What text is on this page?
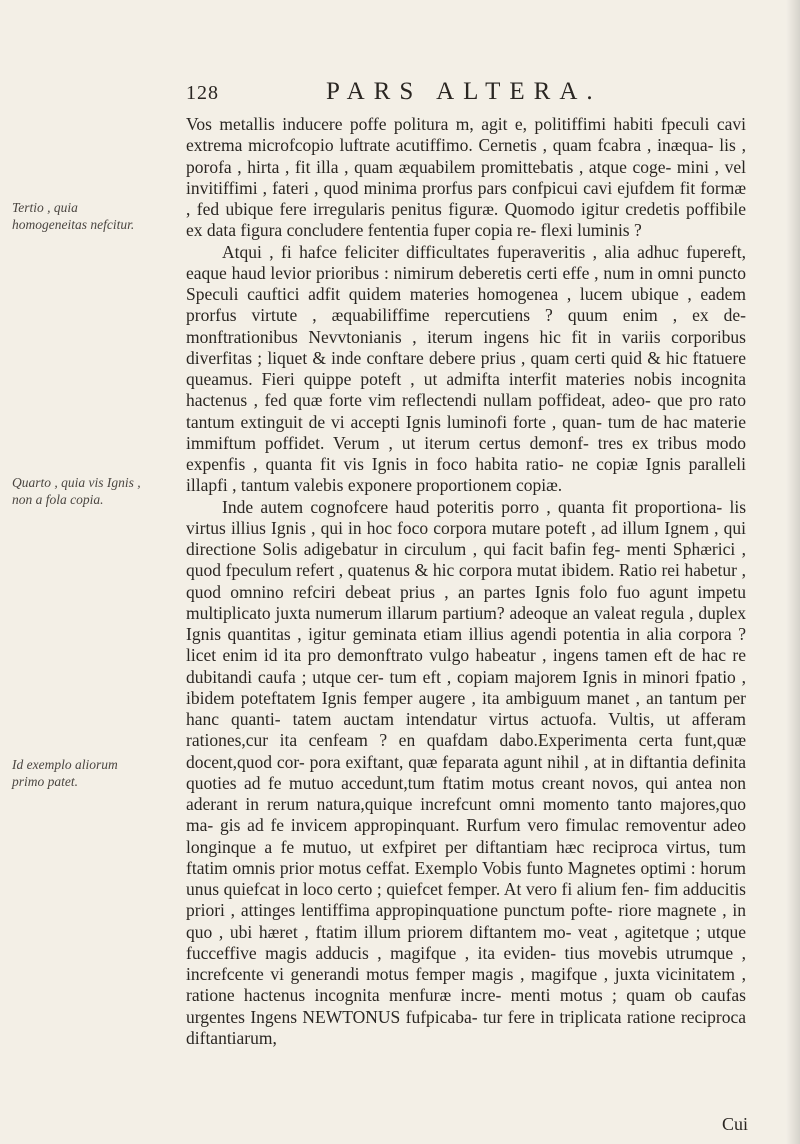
128	PARS ALTERA.
Tertio , quia homogeneitas nefcitur.
Quarto , quia vis Ignis , non a fola copia.
Id exemplo aliorum primo patet.

Vos metallis inducere poffe politura m, agit e, politiffimi habiti fpeculi cavi extrema microfcopio luftrate acutiffimo. Cernetis , quam fcabra , inæqua- lis , porofa , hirta , fit illa , quam æquabilem promittebatis , atque coge- mini , vel invitiffimi , fateri , quod minima prorfus pars confpicui cavi ejufdem fit formæ , fed ubique fere irregularis penitus figuræ. Quomodo igitur credetis poffibile ex data figura concludere fententia fuper copia re- flexi luminis ?

Atqui , fi hafce feliciter difficultates fuperaveritis , alia adhuc fupereft, eaque haud levior prioribus : nimirum deberetis certi effe , num in omni puncto Speculi cauftici adfit quidem materies homogenea , lucem ubique , eadem prorfus virtute , æquabiliffime repercutiens ? quum enim , ex de- monftrationibus Nevvtonianis , iterum ingens hic fit in variis corporibus diverfitas ; liquet & inde conftare debere prius , quam certi quid & hic ftatuere queamus. Fieri quippe poteft , ut admifta interfit materies nobis incognita hactenus , fed quæ forte vim reflectendi nullam poffideat, adeo- que pro rato tantum extinguit de vi accepti Ignis luminofi forte , quan- tum de hac materie immiftum poffidet. Verum , ut iterum certus demonf- tres ex tribus modo expenfis , quanta fit vis Ignis in foco habita ratio- ne copiæ Ignis paralleli illapfi , tantum valebis exponere proportionem copiæ.

Inde autem cognofcere haud poteritis porro , quanta fit proportiona- lis virtus illius Ignis , qui in hoc foco corpora mutare poteft , ad illum Ignem , qui directione Solis adigebatur in circulum , qui facit bafin feg- menti Sphærici , quod fpeculum refert , quatenus & hic corpora mutat ibidem. Ratio rei habetur , quod omnino refciri debeat prius , an partes Ignis folo fuo agunt impetu multiplicato juxta numerum illarum partium? adeoque an valeat regula , duplex Ignis quantitas , igitur geminata etiam illius agendi potentia in alia corpora ? licet enim id ita pro demonftrato vulgo habeatur , ingens tamen eft de hac re dubitandi caufa ; utque cer- tum eft , copiam majorem Ignis in minori fpatio , ibidem poteftatem Ignis femper augere , ita ambiguum manet , an tantum per hanc quanti- tatem auctam intendatur virtus actuofa. Vultis, ut afferam rationes,cur ita cenfeam ? en quafdam dabo.Experimenta certa funt,quæ docent,quod cor- pora exiftant, quæ feparata agunt nihil , at in diftantia definita quoties ad fe mutuo accedunt,tum ftatim motus creant novos, qui antea non aderant in rerum natura,quique increfcunt omni momento tanto majores,quo ma- gis ad fe invicem appropinquant. Rurfum vero fimulac removentur adeo longinque a fe mutuo, ut exfpiret per diftantiam hæc reciproca virtus, tum ftatim omnis prior motus ceffat. Exemplo Vobis funto Magnetes optimi : horum unus quiefcat in loco certo ; quiefcet femper. At vero fi alium fen- fim adducitis priori , attinges lentiffima appropinquatione punctum pofte- riore magnete , in quo , ubi hæret , ftatim illum priorem diftantem mo- veat , agitetque ; utque fucceffive magis adducis , magifque , ita eviden- tius movebis utrumque , increfcente vi generandi motus femper magis , magifque , juxta vicinitatem , ratione hactenus incognita menfuræ incre- menti motus ; quam ob caufas urgentes Ingens NEWTONUS fufpicaba- tur fere in triplicata ratione reciproca diftantiarum,

Cui
